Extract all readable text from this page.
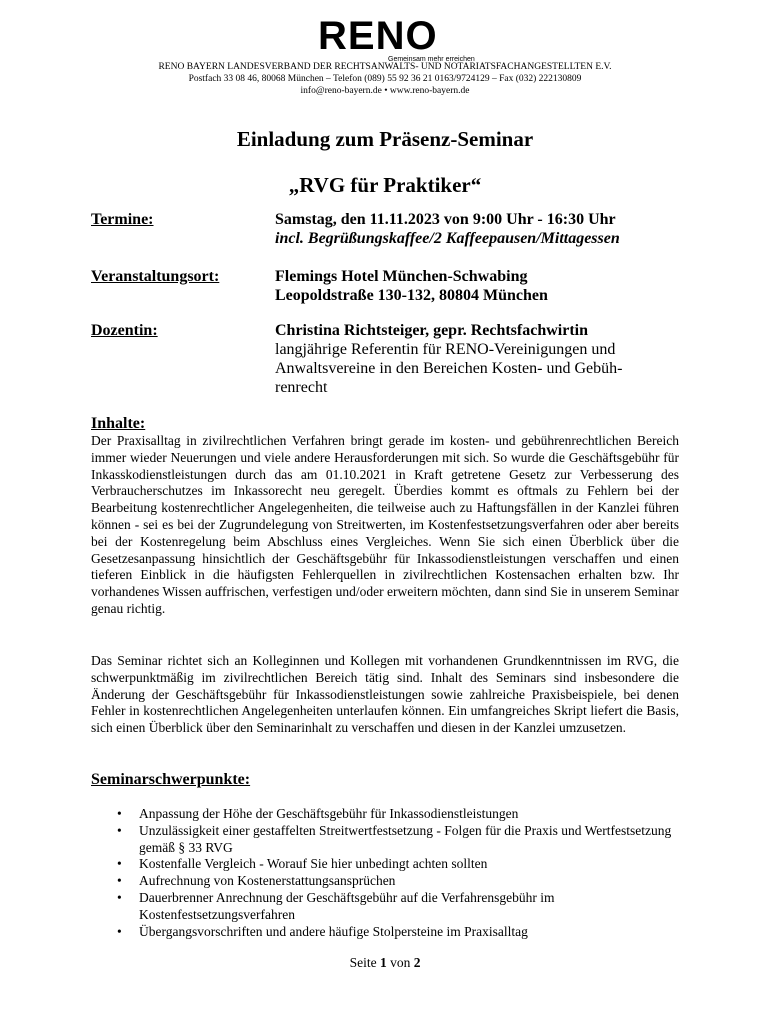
RENO
Gemeinsam mehr erreichen
RENO BAYERN LANDESVERBAND DER RECHTSANWALTS- UND NOTARIATSFACHANGESTELLTEN E.V.
Postfach 33 08 46, 80068 München – Telefon (089) 55 92 36 21 0163/9724129 – Fax (032) 222130809
info@reno-bayern.de • www.reno-bayern.de
Einladung zum Präsenz-Seminar
„RVG für Praktiker“
Termine:	Samstag, den 11.11.2023 von 9:00 Uhr - 16:30 Uhr
incl. Begrüßungskaffee/2 Kaffeepausen/Mittagessen
Veranstaltungsort:	Flemings Hotel München-Schwabing
Leopoldstraße 130-132, 80804 München
Dozentin:	Christina Richtsteiger, gepr. Rechtsfachwirtin
langjährige Referentin für RENO-Vereinigungen und
Anwaltsvereine in den Bereichen Kosten- und Gebüh-
renrecht
Inhalte:
Der Praxisalltag in zivilrechtlichen Verfahren bringt gerade im kosten- und gebührenrechtlichen Bereich immer wieder Neuerungen und viele andere Herausforderungen mit sich. So wurde die Geschäftsgebühr für Inkasskodienstleistungen durch das am 01.10.2021 in Kraft getretene Gesetz zur Verbesserung des Verbraucherschutzes im Inkassorecht neu geregelt. Überdies kommt es oftmals zu Fehlern bei der Bearbeitung kostenrechtlicher Angelegenheiten, die teilweise auch zu Haftungsfällen in der Kanzlei führen können - sei es bei der Zugrundelegung von Streitwerten, im Kostenfestsetzungsverfahren oder aber bereits bei der Kostenregelung beim Abschluss eines Vergleiches. Wenn Sie sich einen Überblick über die Gesetzesanpassung hinsichtlich der Geschäftsgebühr für Inkassodienstleistungen verschaffen und einen tieferen Einblick in die häufigsten Fehlerquellen in zivilrechtlichen Kostensachen erhalten bzw. Ihr vorhandenes Wissen auffrischen, verfestigen und/oder erweitern möchten, dann sind Sie in unserem Seminar genau richtig.
Das Seminar richtet sich an Kolleginnen und Kollegen mit vorhandenen Grundkenntnissen im RVG, die schwerpunktmäßig im zivilrechtlichen Bereich tätig sind. Inhalt des Seminars sind insbesondere die Änderung der Geschäftsgebühr für Inkassodienstleistungen sowie zahlreiche Praxisbeispiele, bei denen Fehler in kostenrechtlichen Angelegenheiten unterlaufen können. Ein umfangreiches Skript liefert die Basis, sich einen Überblick über den Seminarinhalt zu verschaffen und diesen in der Kanzlei umzusetzen.
Seminarschwerpunkte:
• Anpassung der Höhe der Geschäftsgebühr für Inkassodienstleistungen
• Unzulässigkeit einer gestaffelten Streitwertfestsetzung - Folgen für die Praxis und Wertfestsetzung gemäß § 33 RVG
• Kostenfalle Vergleich - Worauf Sie hier unbedingt achten sollten
• Aufrechnung von Kostenerstattungsansprüchen
• Dauerbrenner Anrechnung der Geschäftsgebühr auf die Verfahrensgebühr im Kostenfestsetzungsverfahren
• Übergangsvorschriften und andere häufige Stolpersteine im Praxisalltag
Seite 1 von 2
